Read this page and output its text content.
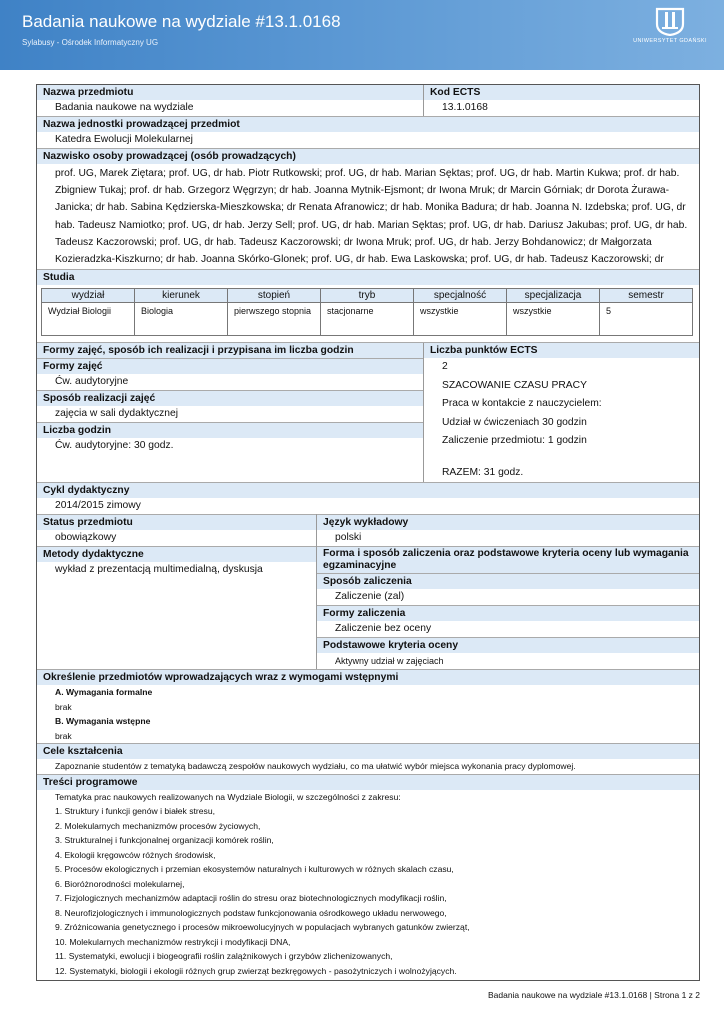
Badania naukowe na wydziale #13.1.0168
Sylabusy - Ośrodek Informatyczny UG	UNIWERSYTET GDAŃSKI
Nazwa przedmiotu
Badania naukowe na wydziale
Kod ECTS
13.1.0168
Nazwa jednostki prowadzącej przedmiot
Katedra Ewolucji Molekularnej
Nazwisko osoby prowadzącej (osób prowadzących)
prof. UG, Marek Ziętara; prof. UG, dr hab. Piotr Rutkowski; prof. UG, dr hab. Marian Sęktas; prof. UG, dr hab. Martin Kukwa; prof. dr hab. Zbigniew Tukaj; prof. dr hab. Grzegorz Węgrzyn; dr hab. Joanna Mytnik-Ejsmont; dr Iwona Mruk; dr Marcin Górniak; dr Dorota Żurawa-Janicka; dr hab. Sabina Kędzierska-Mieszkowska; dr Renata Afranowicz; dr hab. Monika Badura; dr hab. Joanna N. Izdebska; prof. UG, dr hab. Tadeusz Namiotko; prof. UG, dr hab. Jerzy Sell; prof. UG, dr hab. Marian Sęktas; prof. UG, dr hab. Dariusz Jakubas; prof. UG, dr hab. Tadeusz Kaczorowski; prof. UG, dr hab. Tadeusz Kaczorowski; dr Iwona Mruk; prof. UG, dr hab. Jerzy Bohdanowicz; dr Małgorzata Kozieradzka-Kiszkurno; dr hab. Joanna Skórko-Glonek; prof. UG, dr hab. Ewa Laskowska; prof. UG, dr hab. Tadeusz Kaczorowski; dr
Studia
wydział	kierunek	stopień	tryb	specjalność	specjalizacja	semestr
Wydział Biologii	Biologia	pierwszego stopnia	stacjonarne	wszystkie	wszystkie	5
Formy zajęć, sposób ich realizacji i przypisana im liczba godzin
Formy zajęć
Ćw. audytoryjne
Sposób realizacji zajęć
zajęcia w sali dydaktycznej
Liczba godzin
Ćw. audytoryjne: 30 godz.
Liczba punktów ECTS
2
SZACOWANIE CZASU PRACY
Praca w kontakcie z nauczycielem:
Udział w ćwiczeniach 30 godzin
Zaliczenie przedmiotu: 1 godzin
RAZEM: 31 godz.
Cykl dydaktyczny
2014/2015 zimowy
Status przedmiotu
obowiązkowy
Język wykładowy
polski
Metody dydaktyczne
wykład z prezentacją multimedialną, dyskusja
Forma i sposób zaliczenia oraz podstawowe kryteria oceny lub wymagania egzaminacyjne
Sposób zaliczenia
Zaliczenie (zal)
Formy zaliczenia
Zaliczenie bez oceny
Podstawowe kryteria oceny
Aktywny udział w zajęciach
Określenie przedmiotów wprowadzających wraz z wymogami wstępnymi
A. Wymagania formalne
brak
B. Wymagania wstępne
brak
Cele kształcenia
Zapoznanie studentów z tematyką badawczą zespołów naukowych wydziału, co ma ułatwić wybór miejsca wykonania pracy dyplomowej.
Treści programowe
Tematyka prac naukowych realizowanych na Wydziale Biologii, w szczególności z zakresu:
1. Struktury i funkcji genów i białek stresu,
2. Molekularnych mechanizmów procesów życiowych,
3. Strukturalnej i funkcjonalnej organizacji komórek roślin,
4. Ekologii kręgowców różnych środowisk,
5. Procesów ekologicznych i przemian ekosystemów naturalnych i kulturowych w różnych skalach czasu,
6. Bioróżnorodności molekularnej,
7. Fizjologicznych mechanizmów adaptacji roślin do stresu oraz biotechnologicznych modyfikacji roślin,
8. Neurofizjologicznych i immunologicznych podstaw funkcjonowania ośrodkowego układu nerwowego,
9. Zróżnicowania genetycznego i procesów mikroewolucyjnych w populacjach wybranych gatunków zwierząt,
10. Molekularnych mechanizmów restrykcji i modyfikacji DNA,
11. Systematyki, ewolucji i biogeografii roślin zalążnikowych i grzybów zlichenizowanych,
12. Systematyki, biologii i ekologii różnych grup zwierząt bezkręgowych - pasożytniczych i wolnożyjących.
Badania naukowe na wydziale #13.1.0168 | Strona 1 z 2
